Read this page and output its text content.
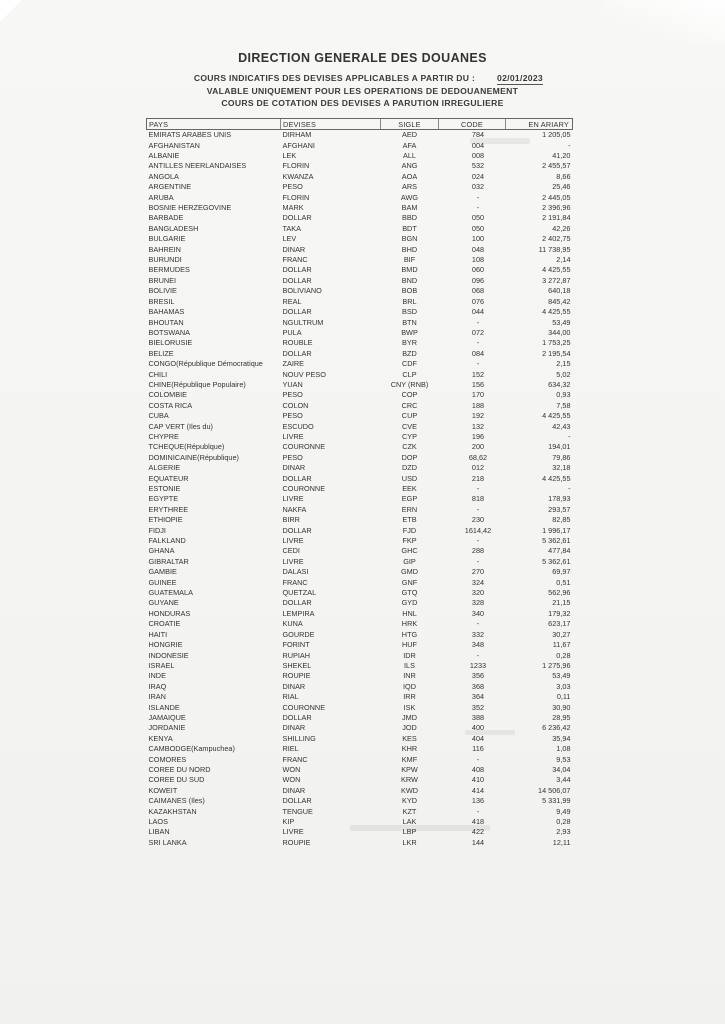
DIRECTION GENERALE DES DOUANES
COURS INDICATIFS DES DEVISES APPLICABLES A PARTIR DU :	02/01/2023
VALABLE UNIQUEMENT POUR LES OPERATIONS DE DEDOUANEMENT
COURS DE COTATION DES DEVISES A PARUTION IRREGULIERE
PAYS	DEVISES	SIGLE	CODE	EN ARIARY
EMIRATS ARABES UNIS	DIRHAM	AED	784	1 205,05
AFGHANISTAN	AFGHANI	AFA	004	-
ALBANIE	LEK	ALL	008	41,20
ANTILLES NEERLANDAISES	FLORIN	ANG	532	2 455,57
ANGOLA	KWANZA	AOA	024	8,66
ARGENTINE	PESO	ARS	032	25,46
ARUBA	FLORIN	AWG	-	2 445,05
BOSNIE HERZEGOVINE	MARK	BAM	-	2 396,96
BARBADE	DOLLAR	BBD	050	2 191,84
BANGLADESH	TAKA	BDT	050	42,26
BULGARIE	LEV	BGN	100	2 402,75
BAHREIN	DINAR	BHD	048	11 738,95
BURUNDI	FRANC	BIF	108	2,14
BERMUDES	DOLLAR	BMD	060	4 425,55
BRUNEI	DOLLAR	BND	096	3 272,87
BOLIVIE	BOLIVIANO	BOB	068	640,18
BRESIL	REAL	BRL	076	845,42
BAHAMAS	DOLLAR	BSD	044	4 425,55
BHOUTAN	NGULTRUM	BTN	-	53,49
BOTSWANA	PULA	BWP	072	344,00
BIELORUSIE	ROUBLE	BYR	-	1 753,25
BELIZE	DOLLAR	BZD	084	2 195,54
CONGO(République Démocratique	ZAIRE	CDF	-	2,15
CHILI	NOUV PESO	CLP	152	5,02
CHINE(République Populaire)	YUAN	CNY (RNB)	156	634,32
COLOMBIE	PESO	COP	170	0,93
COSTA RICA	COLON	CRC	188	7,58
CUBA	PESO	CUP	192	4 425,55
CAP VERT (Iles du)	ESCUDO	CVE	132	42,43
CHYPRE	LIVRE	CYP	196	-
TCHEQUE(Républque)	COURONNE	CZK	200	194,01
DOMINICAINE(République)	PESO	DOP	68,62	79,86
ALGERIE	DINAR	DZD	012	32,18
EQUATEUR	DOLLAR	USD	218	4 425,55
ESTONIE	COURONNE	EEK	-	-
EGYPTE	LIVRE	EGP	818	178,93
ERYTHREE	NAKFA	ERN	-	293,57
ETHIOPIE	BIRR	ETB	230	82,85
FIDJI	DOLLAR	FJD	1614,42	1 996,17
FALKLAND	LIVRE	FKP	-	5 362,61
GHANA	CEDI	GHC	288	477,84
GIBRALTAR	LIVRE	GIP	-	5 362,61
GAMBIE	DALASI	GMD	270	69,97
GUINEE	FRANC	GNF	324	0,51
GUATEMALA	QUETZAL	GTQ	320	562,96
GUYANE	DOLLAR	GYD	328	21,15
HONDURAS	LEMPIRA	HNL	340	179,32
CROATIE	KUNA	HRK	-	623,17
HAITI	GOURDE	HTG	332	30,27
HONGRIE	FORINT	HUF	348	11,67
INDONESIE	RUPIAH	IDR	-	0,28
ISRAEL	SHEKEL	ILS	1233	1 275,96
INDE	ROUPIE	INR	356	53,49
IRAQ	DINAR	IQD	368	3,03
IRAN	RIAL	IRR	364	0,11
ISLANDE	COURONNE	ISK	352	30,90
JAMAIQUE	DOLLAR	JMD	388	28,95
JORDANIE	DINAR	JOD	400	6 236,42
KENYA	SHILLING	KES	404	35,94
CAMBODGE(Kampuchea)	RIEL	KHR	116	1,08
COMORES	FRANC	KMF	-	9,53
COREE DU NORD	WON	KPW	408	34,04
COREE DU SUD	WON	KRW	410	3,44
KOWEIT	DINAR	KWD	414	14 506,07
CAIMANES (Iles)	DOLLAR	KYD	136	5 331,99
KAZAKHSTAN	TENGUE	KZT	-	9,49
LAOS	KIP	LAK	418	0,28
LIBAN	LIVRE	LBP	422	2,93
SRI LANKA	ROUPIE	LKR	144	12,11
